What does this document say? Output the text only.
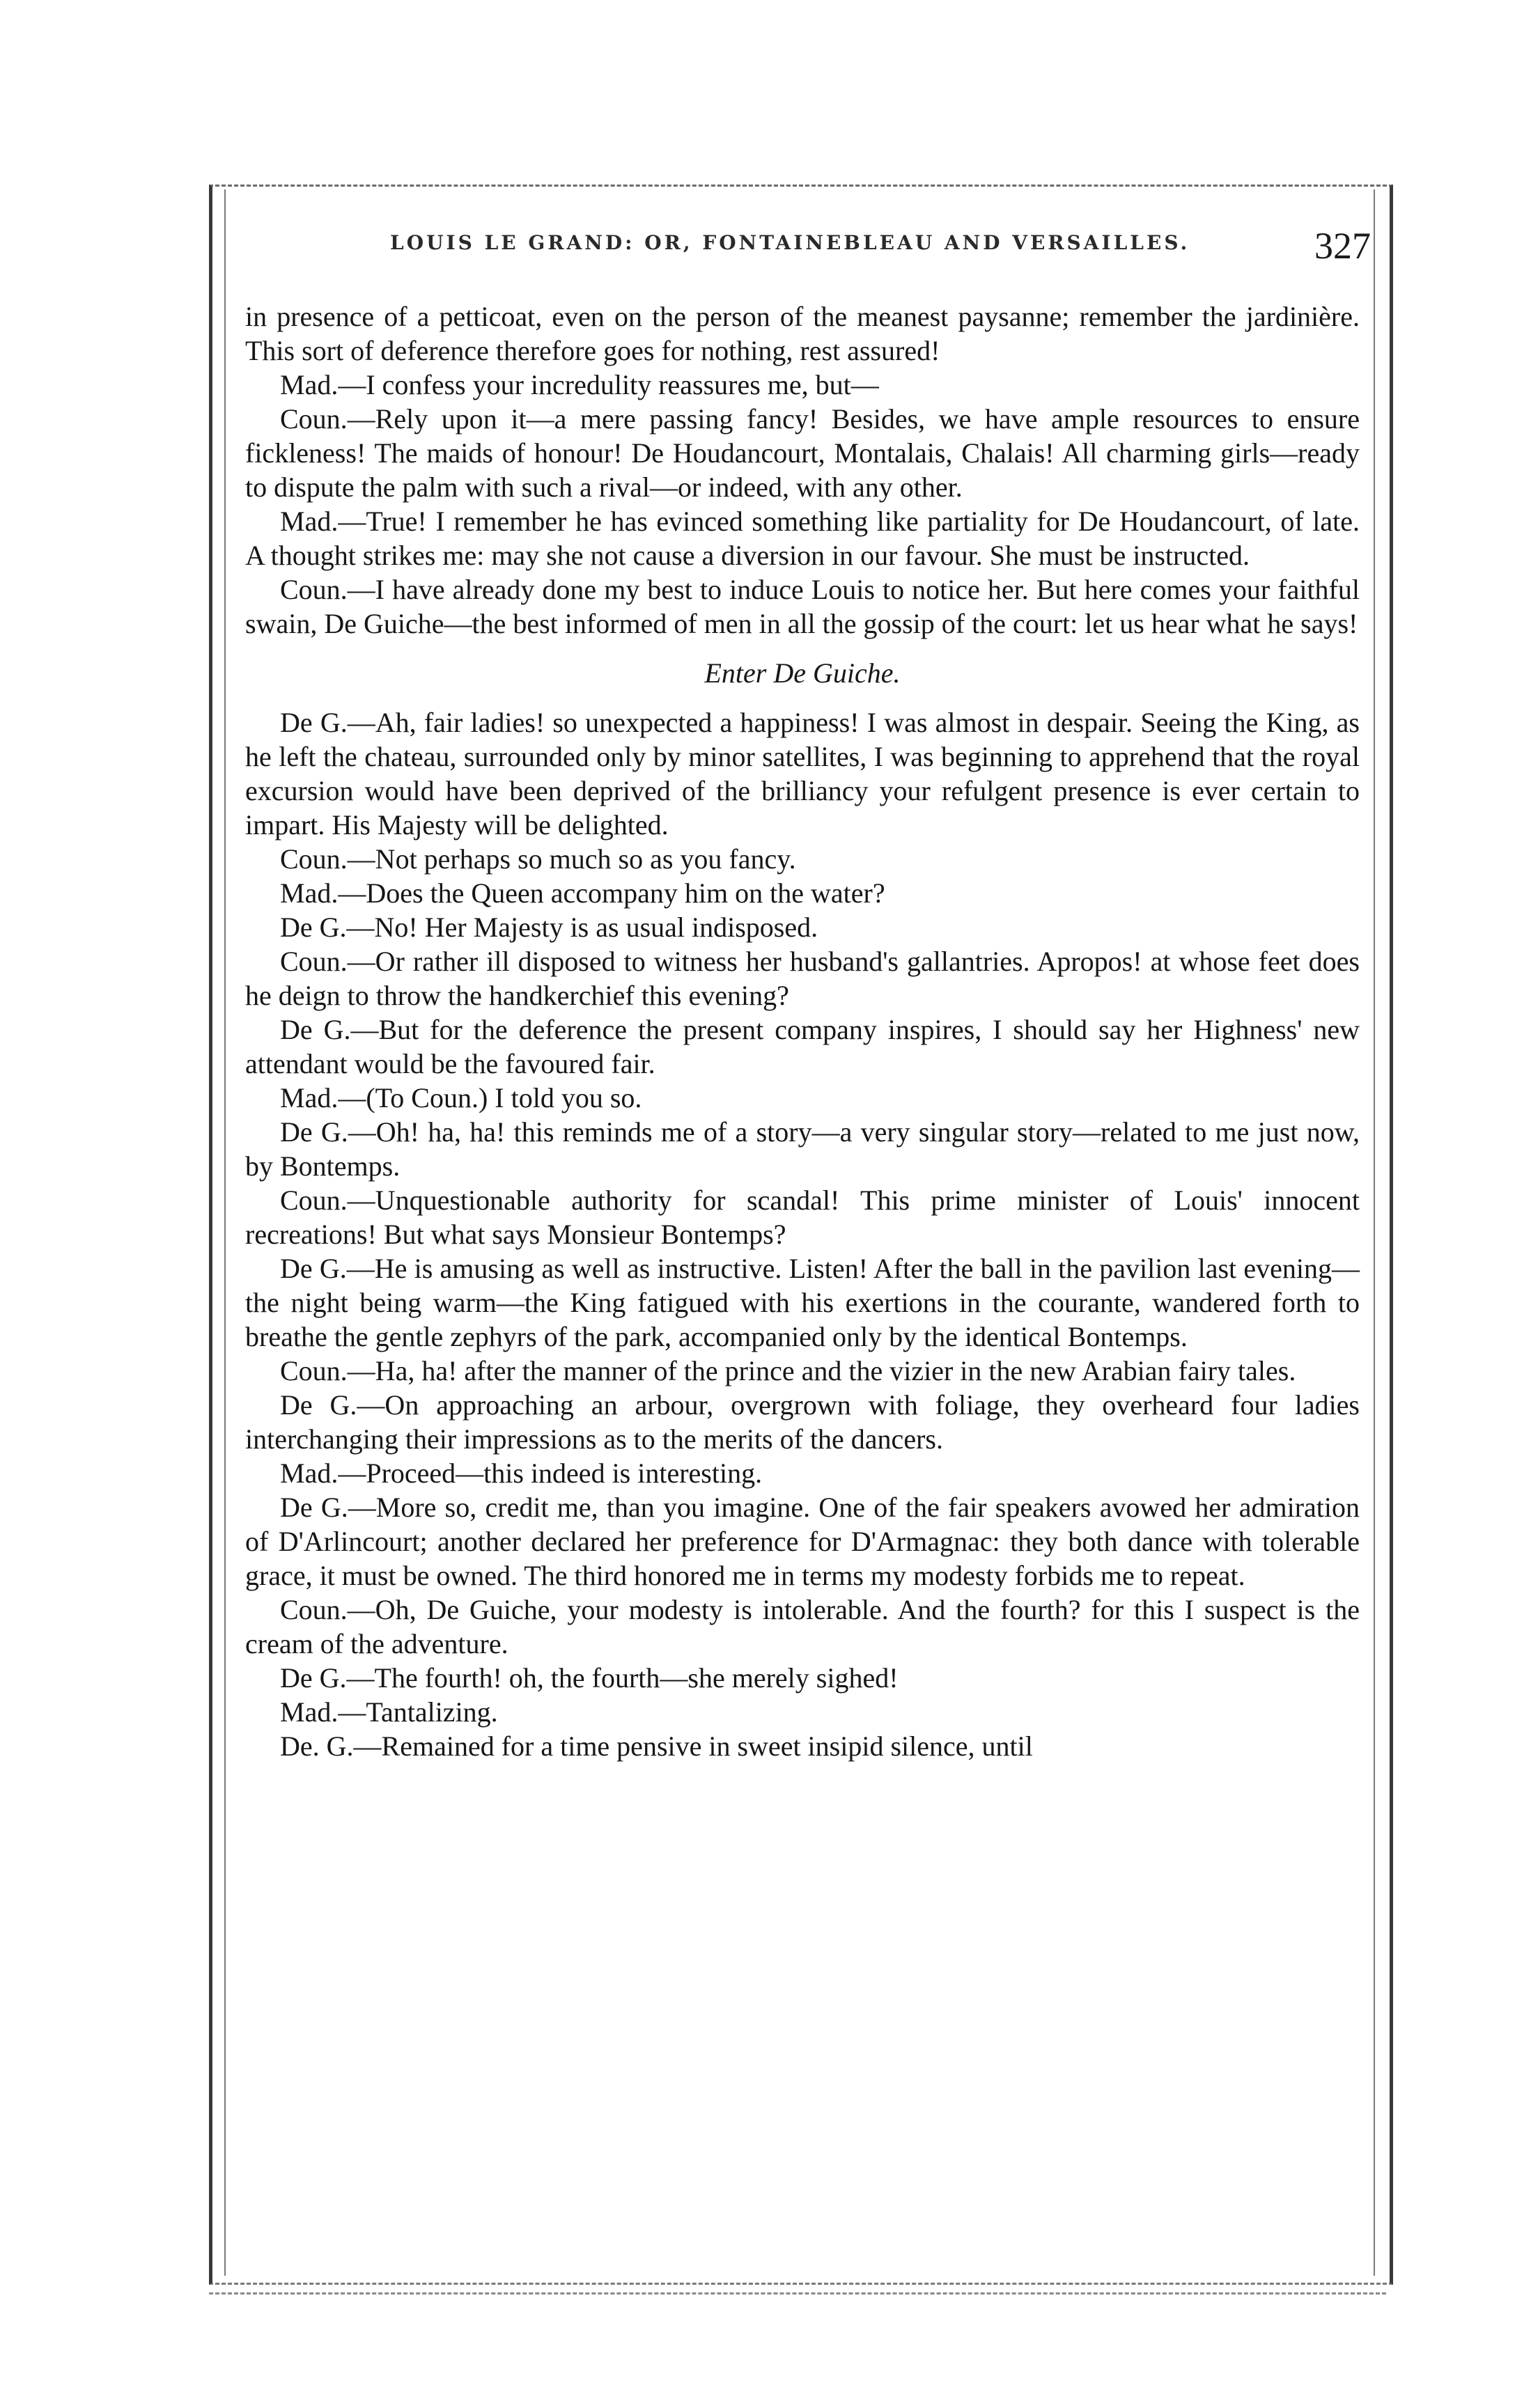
LOUIS LE GRAND: OR, FONTAINEBLEAU AND VERSAILLES.	327

in presence of a petticoat, even on the person of the meanest paysanne; remember the jardinière. This sort of deference therefore goes for nothing, rest assured!

Mad.—I confess your incredulity reassures me, but—

Coun.—Rely upon it—a mere passing fancy! Besides, we have ample resources to ensure fickleness! The maids of honour! De Houdancourt, Montalais, Chalais! All charming girls—ready to dispute the palm with such a rival—or indeed, with any other.

Mad.—True! I remember he has evinced something like partiality for De Houdancourt, of late. A thought strikes me: may she not cause a diversion in our favour. She must be instructed.

Coun.—I have already done my best to induce Louis to notice her. But here comes your faithful swain, De Guiche—the best informed of men in all the gossip of the court: let us hear what he says!

Enter De Guiche.

De G.—Ah, fair ladies! so unexpected a happiness! I was almost in despair. Seeing the King, as he left the chateau, surrounded only by minor satellites, I was beginning to apprehend that the royal excursion would have been deprived of the brilliancy your refulgent presence is ever certain to impart. His Majesty will be delighted.

Coun.—Not perhaps so much so as you fancy.

Mad.—Does the Queen accompany him on the water?

De G.—No! Her Majesty is as usual indisposed.

Coun.—Or rather ill disposed to witness her husband's gallantries. Apropos! at whose feet does he deign to throw the handkerchief this evening?

De G.—But for the deference the present company inspires, I should say her Highness' new attendant would be the favoured fair.

Mad.—(To Coun.) I told you so.

De G.—Oh! ha, ha! this reminds me of a story—a very singular story—related to me just now, by Bontemps.

Coun.—Unquestionable authority for scandal! This prime minister of Louis' innocent recreations! But what says Monsieur Bontemps?

De G.—He is amusing as well as instructive. Listen! After the ball in the pavilion last evening—the night being warm—the King fatigued with his exertions in the courante, wandered forth to breathe the gentle zephyrs of the park, accompanied only by the identical Bontemps.

Coun.—Ha, ha! after the manner of the prince and the vizier in the new Arabian fairy tales.

De G.—On approaching an arbour, overgrown with foliage, they overheard four ladies interchanging their impressions as to the merits of the dancers.

Mad.—Proceed—this indeed is interesting.

De G.—More so, credit me, than you imagine. One of the fair speakers avowed her admiration of D'Arlincourt; another declared her preference for D'Armagnac: they both dance with tolerable grace, it must be owned. The third honored me in terms my modesty forbids me to repeat.

Coun.—Oh, De Guiche, your modesty is intolerable. And the fourth? for this I suspect is the cream of the adventure.

De G.—The fourth! oh, the fourth—she merely sighed!

Mad.—Tantalizing.

De. G.—Remained for a time pensive in sweet insipid silence, until
